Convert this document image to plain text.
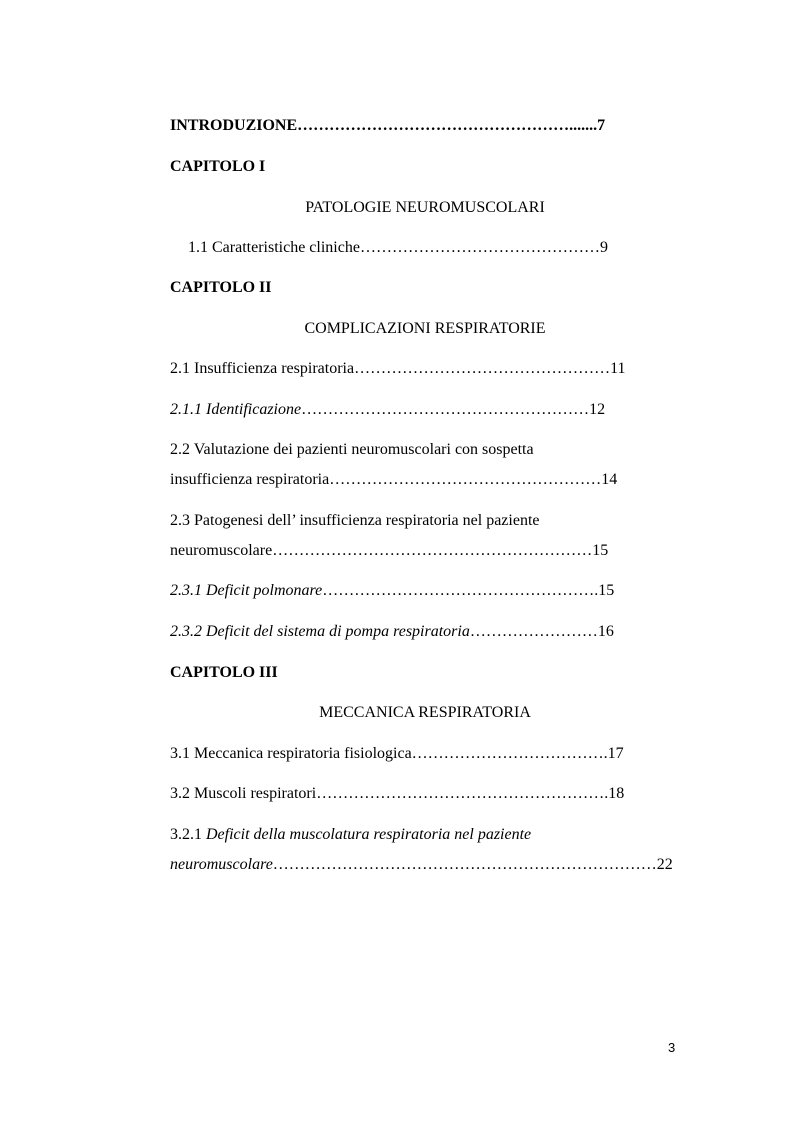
INTRODUZIONE…………………………………………….......7
CAPITOLO I
PATOLOGIE NEUROMUSCOLARI
1.1 Caratteristiche cliniche………………………………………9
CAPITOLO II
COMPLICAZIONI RESPIRATORIE
2.1 Insufficienza respiratoria…………………………………………11
2.1.1 Identificazione………………………………………………12
2.2 Valutazione dei pazienti neuromuscolari con sospetta
insufficienza respiratoria……………………………………………14
2.3 Patogenesi dell’ insufficienza respiratoria nel paziente
neuromuscolare……………………………………………………15
2.3.1 Deficit polmonare…………………………………………….15
2.3.2 Deficit del sistema di pompa respiratoria……………………16
CAPITOLO III
MECCANICA RESPIRATORIA
3.1 Meccanica respiratoria fisiologica……………………………….17
3.2 Muscoli respiratori……………………………………………….18
3.2.1 Deficit della muscolatura respiratoria nel paziente
neuromuscolare………………………………………………………………22
3
